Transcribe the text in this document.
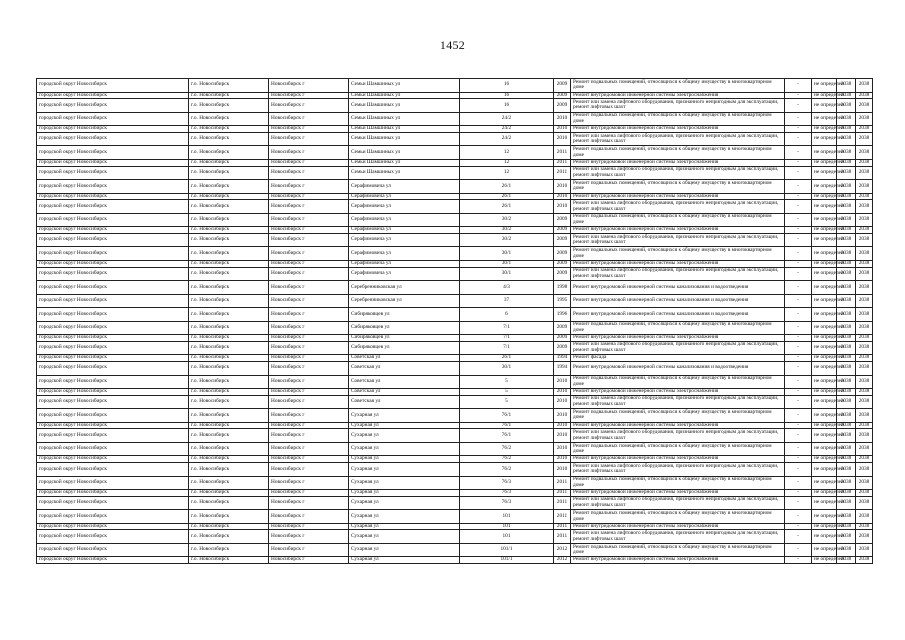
1452
городской округ Новосибирск	г.о. Новосибирск	Новосибирск г	Семьи Шамшиных ул	16	2009	Ремонт подвальных помещений, относящихся к общему имуществу в многоквартирном доме	-	не определен	2038	2038
городской округ Новосибирск	г.о. Новосибирск	Новосибирск г	Семьи Шамшиных ул	16	2009	Ремонт внутридомовой инженерной системы электроснабжения	-	не определен	2038	2038
городской округ Новосибирск	г.о. Новосибирск	Новосибирск г	Семьи Шамшиных ул	16	2009	Ремонт или замена лифтового оборудования, признанного непригодным для эксплуатации, ремонт лифтовых шахт	-	не определен	2038	2038
городской округ Новосибирск	г.о. Новосибирск	Новосибирск г	Семьи Шамшиных ул	24/2	2010	Ремонт подвальных помещений, относящихся к общему имуществу в многоквартирном доме	-	не определен	2038	2038
городской округ Новосибирск	г.о. Новосибирск	Новосибирск г	Семьи Шамшиных ул	24/2	2010	Ремонт внутридомовой инженерной системы электроснабжения	-	не определен	2038	2038
городской округ Новосибирск	г.о. Новосибирск	Новосибирск г	Семьи Шамшиных ул	24/2	2010	Ремонт или замена лифтового оборудования, признанного непригодным для эксплуатации, ремонт лифтовых шахт	-	не определен	2038	2038
городской округ Новосибирск	г.о. Новосибирск	Новосибирск г	Семьи Шамшиных ул	12	2011	Ремонт подвальных помещений, относящихся к общему имуществу в многоквартирном доме	-	не определен	2038	2038
городской округ Новосибирск	г.о. Новосибирск	Новосибирск г	Семьи Шамшиных ул	12	2011	Ремонт внутридомовой инженерной системы электроснабжения	-	не определен	2038	2038
городской округ Новосибирск	г.о. Новосибирск	Новосибирск г	Семьи Шамшиных ул	12	2011	Ремонт или замена лифтового оборудования, признанного непригодным для эксплуатации, ремонт лифтовых шахт	-	не определен	2038	2038
городской округ Новосибирск	г.о. Новосибирск	Новосибирск г	Серафимовича ул	26/1	2010	Ремонт подвальных помещений, относящихся к общему имуществу в многоквартирном доме	-	не определен	2038	2038
городской округ Новосибирск	г.о. Новосибирск	Новосибирск г	Серафимовича ул	26/1	2010	Ремонт внутридомовой инженерной системы электроснабжения	-	не определен	2038	2038
городской округ Новосибирск	г.о. Новосибирск	Новосибирск г	Серафимовича ул	26/1	2010	Ремонт или замена лифтового оборудования, признанного непригодным для эксплуатации, ремонт лифтовых шахт	-	не определен	2038	2038
городской округ Новосибирск	г.о. Новосибирск	Новосибирск г	Серафимовича ул	30/2	2009	Ремонт подвальных помещений, относящихся к общему имуществу в многоквартирном доме	-	не определен	2038	2038
городской округ Новосибирск	г.о. Новосибирск	Новосибирск г	Серафимовича ул	30/2	2009	Ремонт внутридомовой инженерной системы электроснабжения	-	не определен	2038	2038
городской округ Новосибирск	г.о. Новосибирск	Новосибирск г	Серафимовича ул	30/2	2009	Ремонт или замена лифтового оборудования, признанного непригодным для эксплуатации, ремонт лифтовых шахт	-	не определен	2038	2038
городской округ Новосибирск	г.о. Новосибирск	Новосибирск г	Серафимовича ул	30/1	2009	Ремонт подвальных помещений, относящихся к общему имуществу в многоквартирном доме	-	не определен	2038	2038
городской округ Новосибирск	г.о. Новосибирск	Новосибирск г	Серафимовича ул	30/1	2009	Ремонт внутридомовой инженерной системы электроснабжения	-	не определен	2038	2038
городской округ Новосибирск	г.о. Новосибирск	Новосибирск г	Серафимовича ул	30/1	2009	Ремонт или замена лифтового оборудования, признанного непригодным для эксплуатации, ремонт лифтовых шахт	-	не определен	2038	2038
городской округ Новосибирск	г.о. Новосибирск	Новосибирск г	Серебренниковская ул	4/3	1998	Ремонт внутридомовой инженерной системы канализования и водоотведения	-	не определен	2038	2038
городской округ Новосибирск	г.о. Новосибирск	Новосибирск г	Серебренниковская ул	37	1995	Ремонт внутридомовой инженерной системы канализования и водоотведения	-	не определен	2038	2038
городской округ Новосибирск	г.о. Новосибирск	Новосибирск г	Сибиряковцев ул	6	1996	Ремонт внутридомовой инженерной системы канализования и водоотведения	-	не определен	2038	2038
городской округ Новосибирск	г.о. Новосибирск	Новосибирск г	Сибиряковцев ул	7/1	2009	Ремонт подвальных помещений, относящихся к общему имуществу в многоквартирном доме	-	не определен	2038	2038
городской округ Новосибирск	г.о. Новосибирск	Новосибирск г	Сибиряковцев ул	7/1	2009	Ремонт внутридомовой инженерной системы электроснабжения	-	не определен	2038	2038
городской округ Новосибирск	г.о. Новосибирск	Новосибирск г	Сибиряковцев ул	7/1	2009	Ремонт или замена лифтового оборудования, признанного непригодным для эксплуатации, ремонт лифтовых шахт	-	не определен	2038	2038
городской округ Новосибирск	г.о. Новосибирск	Новосибирск г	Советская ул	26/1	1994	Ремонт фасада	-	не определен	2038	2038
городской округ Новосибирск	г.о. Новосибирск	Новосибирск г	Советская ул	30/1	1994	Ремонт внутридомовой инженерной системы канализования и водоотведения	-	не определен	2038	2038
городской округ Новосибирск	г.о. Новосибирск	Новосибирск г	Советская ул	5	2010	Ремонт подвальных помещений, относящихся к общему имуществу в многоквартирном доме	-	не определен	2038	2038
городской округ Новосибирск	г.о. Новосибирск	Новосибирск г	Советская ул	5	2010	Ремонт внутридомовой инженерной системы электроснабжения	-	не определен	2038	2038
городской округ Новосибирск	г.о. Новосибирск	Новосибирск г	Советская ул	5	2010	Ремонт или замена лифтового оборудования, признанного непригодным для эксплуатации, ремонт лифтовых шахт	-	не определен	2038	2038
городской округ Новосибирск	г.о. Новосибирск	Новосибирск г	Сухарная ул	76/1	2010	Ремонт подвальных помещений, относящихся к общему имуществу в многоквартирном доме	-	не определен	2038	2038
городской округ Новосибирск	г.о. Новосибирск	Новосибирск г	Сухарная ул	76/1	2010	Ремонт внутридомовой инженерной системы электроснабжения	-	не определен	2038	2038
городской округ Новосибирск	г.о. Новосибирск	Новосибирск г	Сухарная ул	76/1	2010	Ремонт или замена лифтового оборудования, признанного непригодным для эксплуатации, ремонт лифтовых шахт	-	не определен	2038	2038
городской округ Новосибирск	г.о. Новосибирск	Новосибирск г	Сухарная ул	76/2	2010	Ремонт подвальных помещений, относящихся к общему имуществу в многоквартирном доме	-	не определен	2038	2038
городской округ Новосибирск	г.о. Новосибирск	Новосибирск г	Сухарная ул	76/2	2010	Ремонт внутридомовой инженерной системы электроснабжения	-	не определен	2038	2038
городской округ Новосибирск	г.о. Новосибирск	Новосибирск г	Сухарная ул	76/2	2010	Ремонт или замена лифтового оборудования, признанного непригодным для эксплуатации, ремонт лифтовых шахт	-	не определен	2038	2038
городской округ Новосибирск	г.о. Новосибирск	Новосибирск г	Сухарная ул	76/3	2011	Ремонт подвальных помещений, относящихся к общему имуществу в многоквартирном доме	-	не определен	2038	2038
городской округ Новосибирск	г.о. Новосибирск	Новосибирск г	Сухарная ул	76/3	2011	Ремонт внутридомовой инженерной системы электроснабжения	-	не определен	2038	2038
городской округ Новосибирск	г.о. Новосибирск	Новосибирск г	Сухарная ул	76/3	2011	Ремонт или замена лифтового оборудования, признанного непригодным для эксплуатации, ремонт лифтовых шахт	-	не определен	2038	2038
городской округ Новосибирск	г.о. Новосибирск	Новосибирск г	Сухарная ул	101	2011	Ремонт подвальных помещений, относящихся к общему имуществу в многоквартирном доме	-	не определен	2038	2038
городской округ Новосибирск	г.о. Новосибирск	Новосибирск г	Сухарная ул	101	2011	Ремонт внутридомовой инженерной системы электроснабжения	-	не определен	2038	2038
городской округ Новосибирск	г.о. Новосибирск	Новосибирск г	Сухарная ул	101	2011	Ремонт или замена лифтового оборудования, признанного непригодным для эксплуатации, ремонт лифтовых шахт	-	не определен	2038	2038
городской округ Новосибирск	г.о. Новосибирск	Новосибирск г	Сухарная ул	101/1	2012	Ремонт подвальных помещений, относящихся к общему имуществу в многоквартирном доме	-	не определен	2038	2038
городской округ Новосибирск	г.о. Новосибирск	Новосибирск г	Сухарная ул	101/1	2012	Ремонт внутридомовой инженерной системы электроснабжения	-	не определен	2038	2038
